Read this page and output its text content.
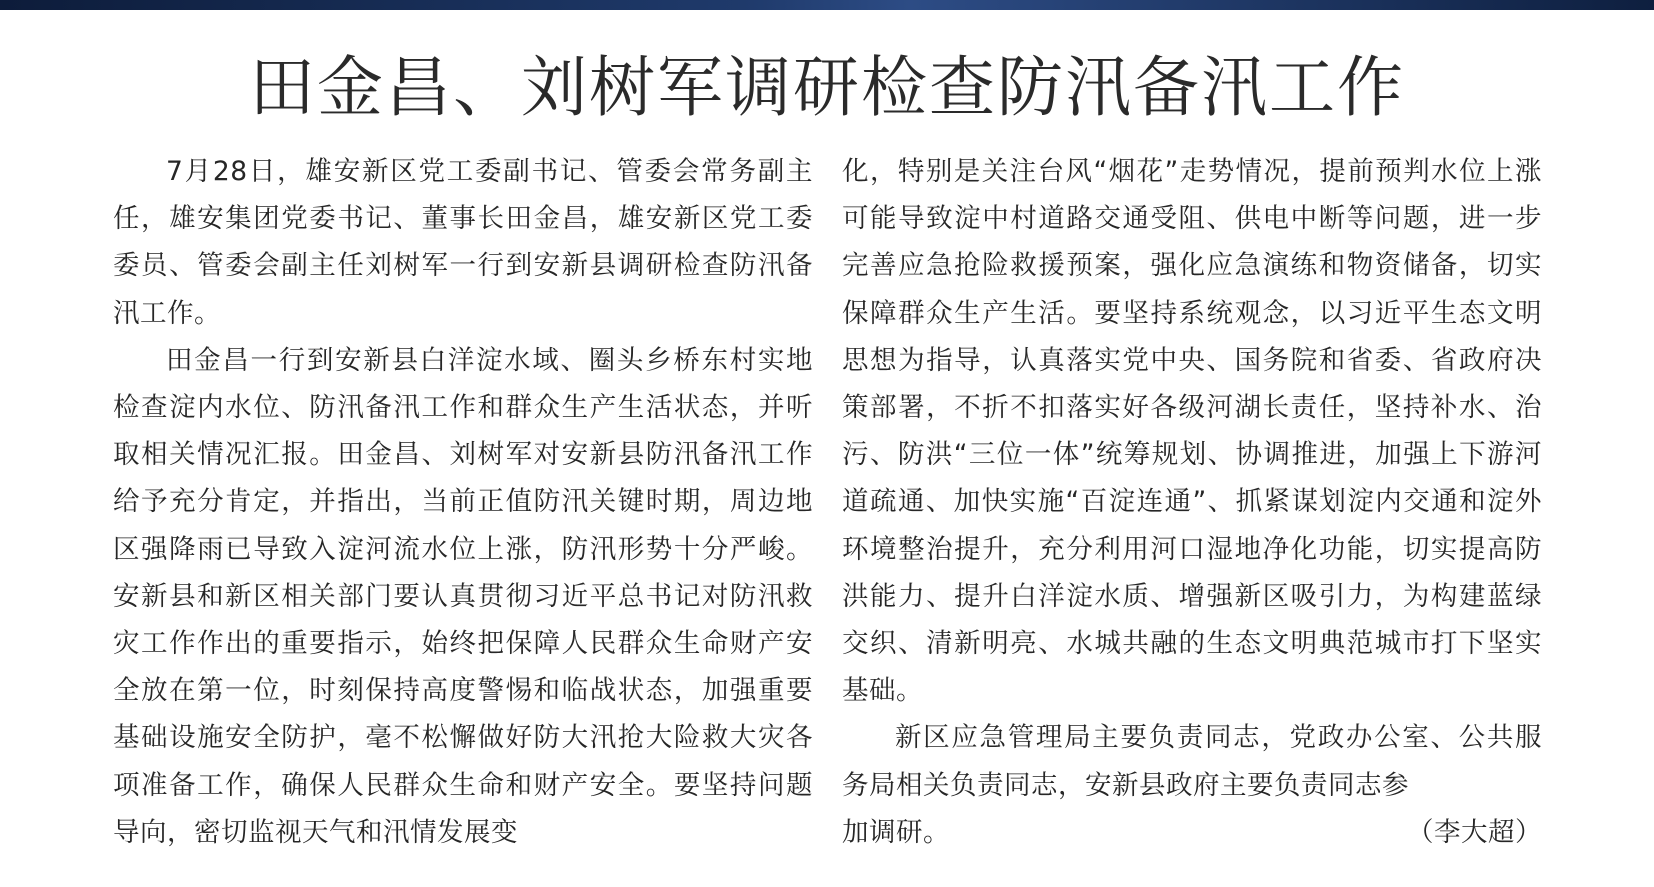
田金昌、刘树军调研检查防汛备汛工作

7月28日，雄安新区党工委副书记、管委会常务副主任，雄安集团党委书记、董事长田金昌，雄安新区党工委委员、管委会副主任刘树军一行到安新县调研检查防汛备汛工作。

田金昌一行到安新县白洋淀水域、圈头乡桥东村实地检查淀内水位、防汛备汛工作和群众生产生活状态，并听取相关情况汇报。田金昌、刘树军对安新县防汛备汛工作给予充分肯定，并指出，当前正值防汛关键时期，周边地区强降雨已导致入淀河流水位上涨，防汛形势十分严峻。安新县和新区相关部门要认真贯彻习近平总书记对防汛救灾工作作出的重要指示，始终把保障人民群众生命财产安全放在第一位，时刻保持高度警惕和临战状态，加强重要基础设施安全防护，毫不松懈做好防大汛抢大险救大灾各项准备工作，确保人民群众生命和财产安全。要坚持问题导向，密切监视天气和汛情发展变

化，特别是关注台风“烟花”走势情况，提前预判水位上涨可能导致淀中村道路交通受阻、供电中断等问题，进一步完善应急抢险救援预案，强化应急演练和物资储备，切实保障群众生产生活。要坚持系统观念，以习近平生态文明思想为指导，认真落实党中央、国务院和省委、省政府决策部署，不折不扣落实好各级河湖长责任，坚持补水、治污、防洪“三位一体”统筹规划、协调推进，加强上下游河道疏通、加快实施“百淀连通”、抓紧谋划淀内交通和淀外环境整治提升，充分利用河口湿地净化功能，切实提高防洪能力、提升白洋淀水质、增强新区吸引力，为构建蓝绿交织、清新明亮、水城共融的生态文明典范城市打下坚实基础。

新区应急管理局主要负责同志，党政办公室、公共服务局相关负责同志，安新县政府主要负责同志参

加调研。	（李大超）
